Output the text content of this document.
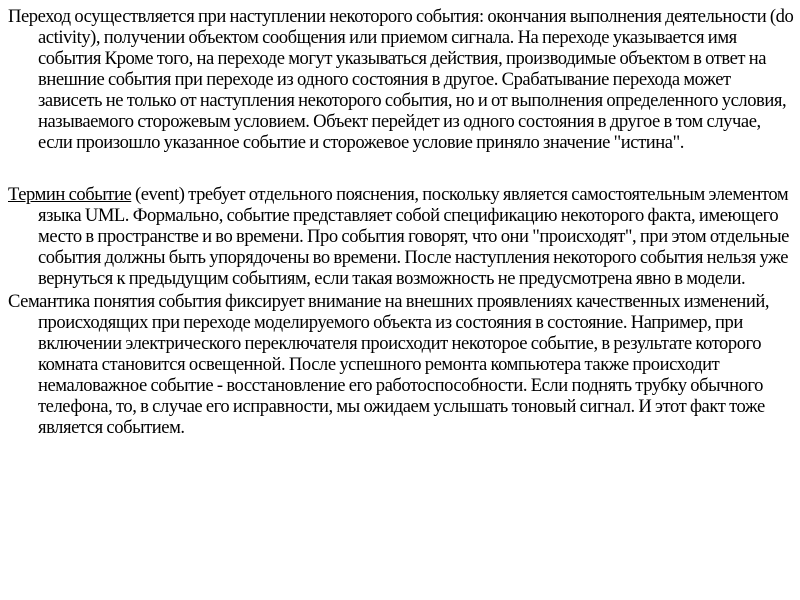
Переход осуществляется при наступлении некоторого события: окончания выполнения деятельности (do activity), получении объектом сообщения или приемом сигнала. На переходе указывается имя события Кроме того, на переходе могут указываться действия, производимые объектом в ответ на внешние события при переходе из одного состояния в другое. Срабатывание перехода может зависеть не только от наступления некоторого события, но и от выполнения определенного условия, называемого сторожевым условием. Объект перейдет из одного состояния в другое в том случае, если произошло указанное событие и сторожевое условие приняло значение "истина".

Термин событие (event) требует отдельного пояснения, поскольку является самостоятельным элементом языка UML. Формально, событие представляет собой спецификацию некоторого факта, имеющего место в пространстве и во времени. Про события говорят, что они "происходят", при этом отдельные события должны быть упорядочены во времени. После наступления некоторого события нельзя уже вернуться к предыдущим событиям, если такая возможность не предусмотрена явно в модели.

Семантика понятия события фиксирует внимание на внешних проявлениях качественных изменений, происходящих при переходе моделируемого объекта из состояния в состояние. Например, при включении электрического переключателя происходит некоторое событие, в результате которого комната становится освещенной. После успешного ремонта компьютера также происходит немаловажное событие - восстановление его работоспособности. Если поднять трубку обычного телефона, то, в случае его исправности, мы ожидаем услышать тоновый сигнал. И этот факт тоже является событием.
